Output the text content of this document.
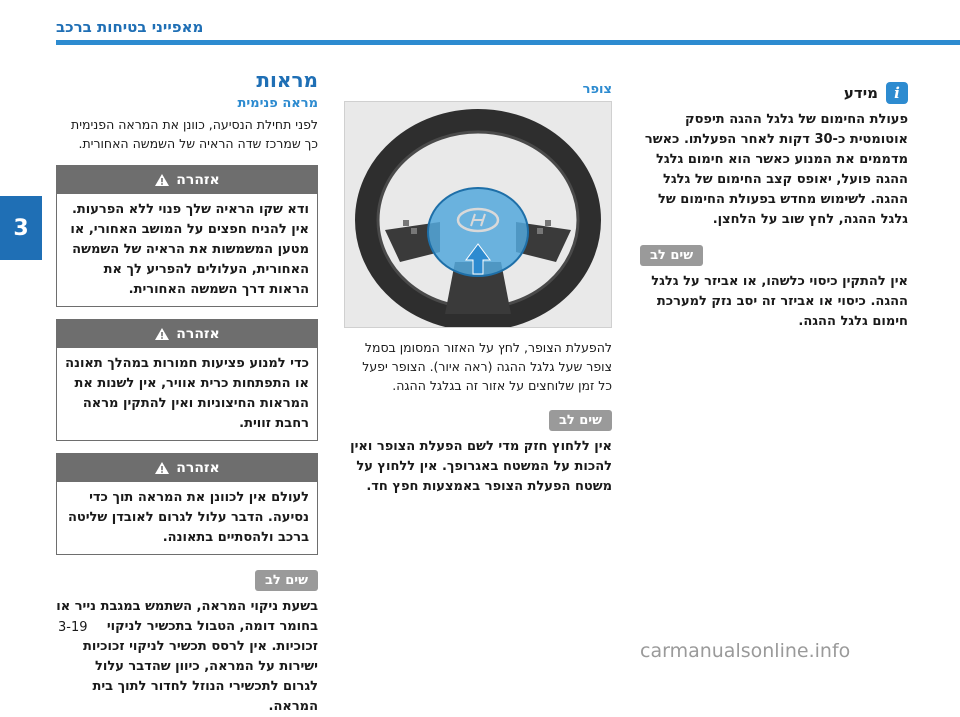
מאפייני בטיחות ברכב
3
מראות
מראה פנימית

לפני תחילת הנסיעה, כוונן את המראה הפנימית כך שמרכז שדה הראיה של השמשה האחורית.

אזהרה

ודא שקו הראיה שלך פנוי ללא הפרעות. אין להניח חפצים על המושב האחורי, או מטען המשמשות את הראיה של השמשה האחורית, העלולים להפריע לך את הראות דרך השמשה האחורית.

אזהרה

כדי למנוע פציעות חמורות במהלך תאונה או התפתחות כרית אוויר, אין לשנות את המראות החיצוניות ואין להתקין מראה רחבת זווית.

אזהרה

לעולם אין לכוונן את המראה תוך כדי נסיעה. הדבר עלול לגרום לאובדן שליטה ברכב ולהסתיים בתאונה.

שים לב

בשעת ניקוי המראה, השתמש במגבת נייר או בחומר דומה, הטבול בתכשיר לניקוי זכוכיות. אין לרסס תכשיר לניקוי זכוכיות ישירות על המראה, כיוון שהדבר עלול לגרום לתכשירי הנוזל לחדור לתוך בית המראה.

צופר

להפעלת הצופר, לחץ על האזור המסומן בסמל צופר שעל גלגל ההגה (ראה איור). הצופר יפעל כל זמן שלוחצים על אזור זה בגלגל ההגה.

שים לב

אין ללחוץ חזק מדי לשם הפעלת הצופר ואין להכות על המשטח באגרופך. אין ללחוץ על משטח הפעלת הצופר באמצעות חפץ חד.

i
מידע

פעולת החימום של גלגל ההגה תיפסק אוטומטית כ-30 דקות לאחר הפעלתו. כאשר מדממים את המנוע כאשר הוא חימום גלגל ההגה פועל, יאופס קצב החימום של גלגל ההגה. לשימוש מחדש בפעולת החימום של גלגל ההגה, לחץ שוב על הלחצן.

שים לב

אין להתקין כיסוי כלשהו, או אביזר על גלגל ההגה. כיסוי או אביזר זה יסב נזק למערכת חימום גלגל ההגה.

3-19
carmanualsonline.info
